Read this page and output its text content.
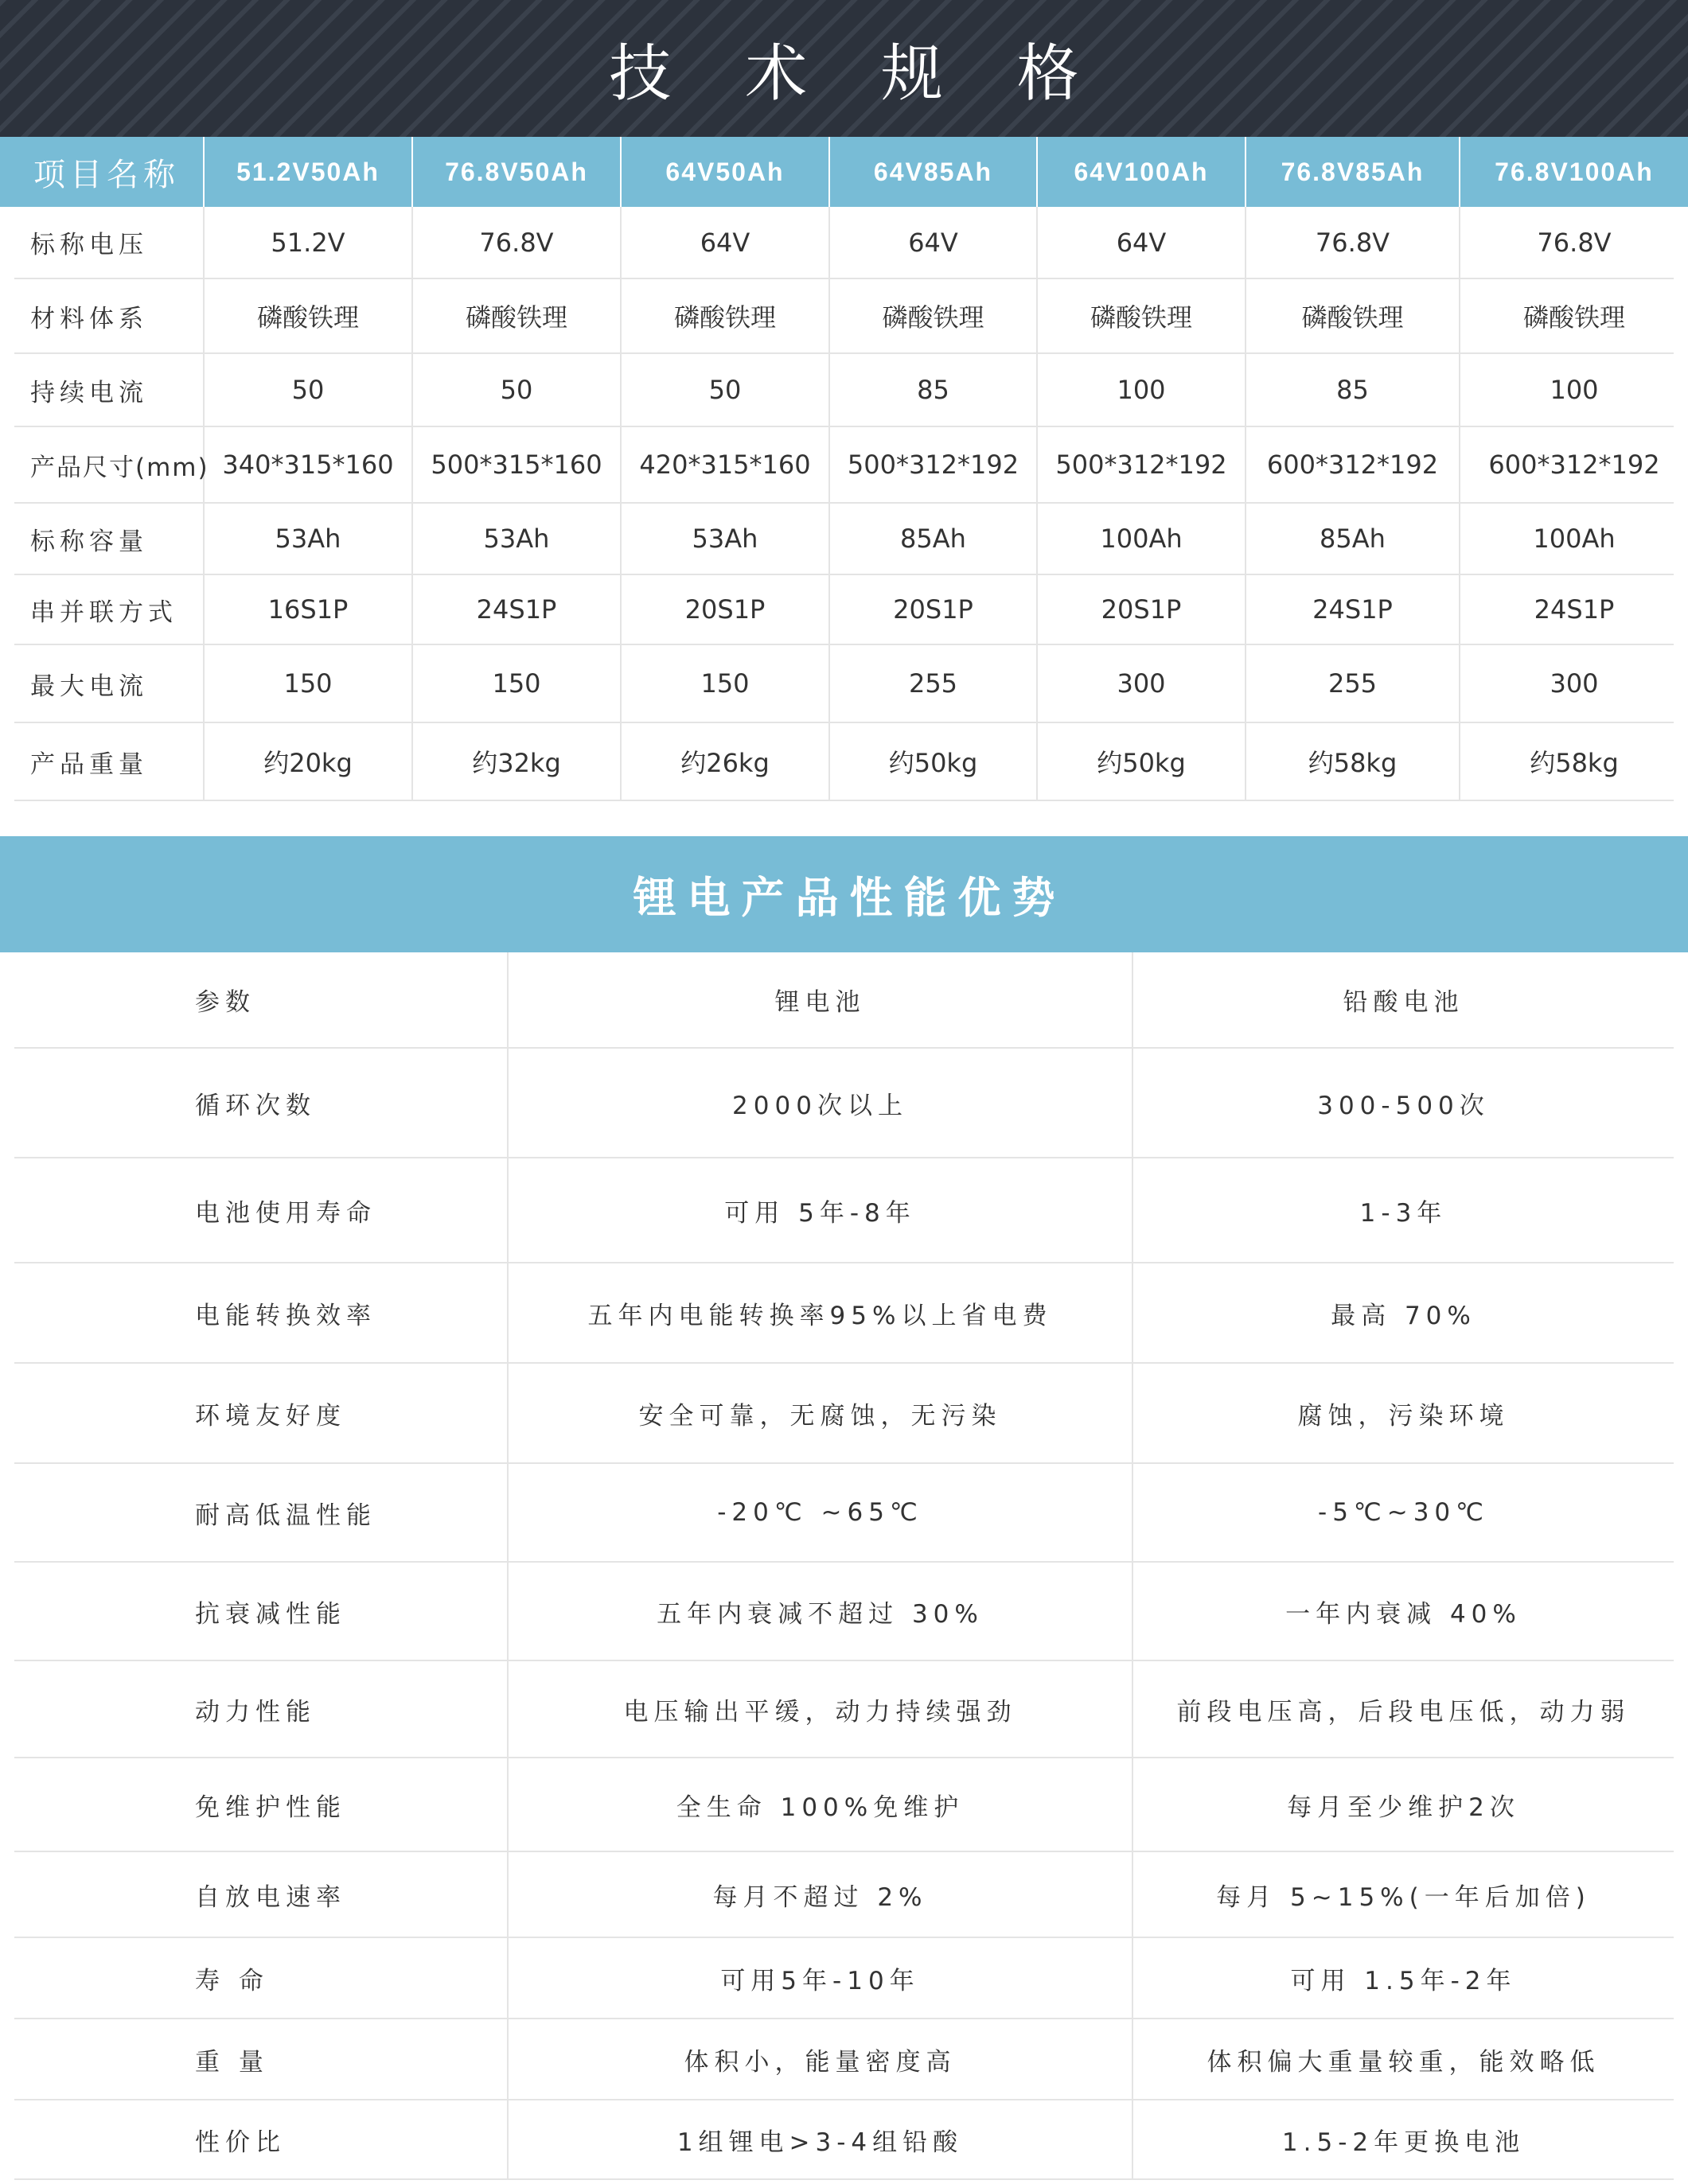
技 术 规 格
项目名称	51.2V50Ah	76.8V50Ah	64V50Ah	64V85Ah	64V100Ah	76.8V85Ah	76.8V100Ah
标称电压	51.2V	76.8V	64V	64V	64V	76.8V	76.8V
材料体系	磷酸铁理	磷酸铁理	磷酸铁理	磷酸铁理	磷酸铁理	磷酸铁理	磷酸铁理
持续电流	50	50	50	85	100	85	100
产品尺寸(mm)	340*315*160	500*315*160	420*315*160	500*312*192	500*312*192	600*312*192	600*312*192
标称容量	53Ah	53Ah	53Ah	85Ah	100Ah	85Ah	100Ah
串并联方式	16S1P	24S1P	20S1P	20S1P	20S1P	24S1P	24S1P
最大电流	150	150	150	255	300	255	300
产品重量	约20kg	约32kg	约26kg	约50kg	约50kg	约58kg	约58kg
锂电产品性能优势
参数	锂电池	铅酸电池
循环次数	2000次以上	300-500次
电池使用寿命	可用 5年-8年	1-3年
电能转换效率	五年内电能转换率95%以上省电费	最高 70%
环境友好度	安全可靠，无腐蚀，无污染	腐蚀，污染环境
耐高低温性能	-20℃ ~65℃	-5℃~30℃
抗衰减性能	五年内衰减不超过 30%	一年内衰减 40%
动力性能	电压输出平缓，动力持续强劲	前段电压高，后段电压低，动力弱
免维护性能	全生命 100%免维护	每月至少维护2次
自放电速率	每月不超过 2%	每月 5~15%(一年后加倍)
寿 命	可用5年-10年	可用 1.5年-2年
重 量	体积小，能量密度高	体积偏大重量较重，能效略低
性价比	1组锂电>3-4组铅酸	1.5-2年更换电池
